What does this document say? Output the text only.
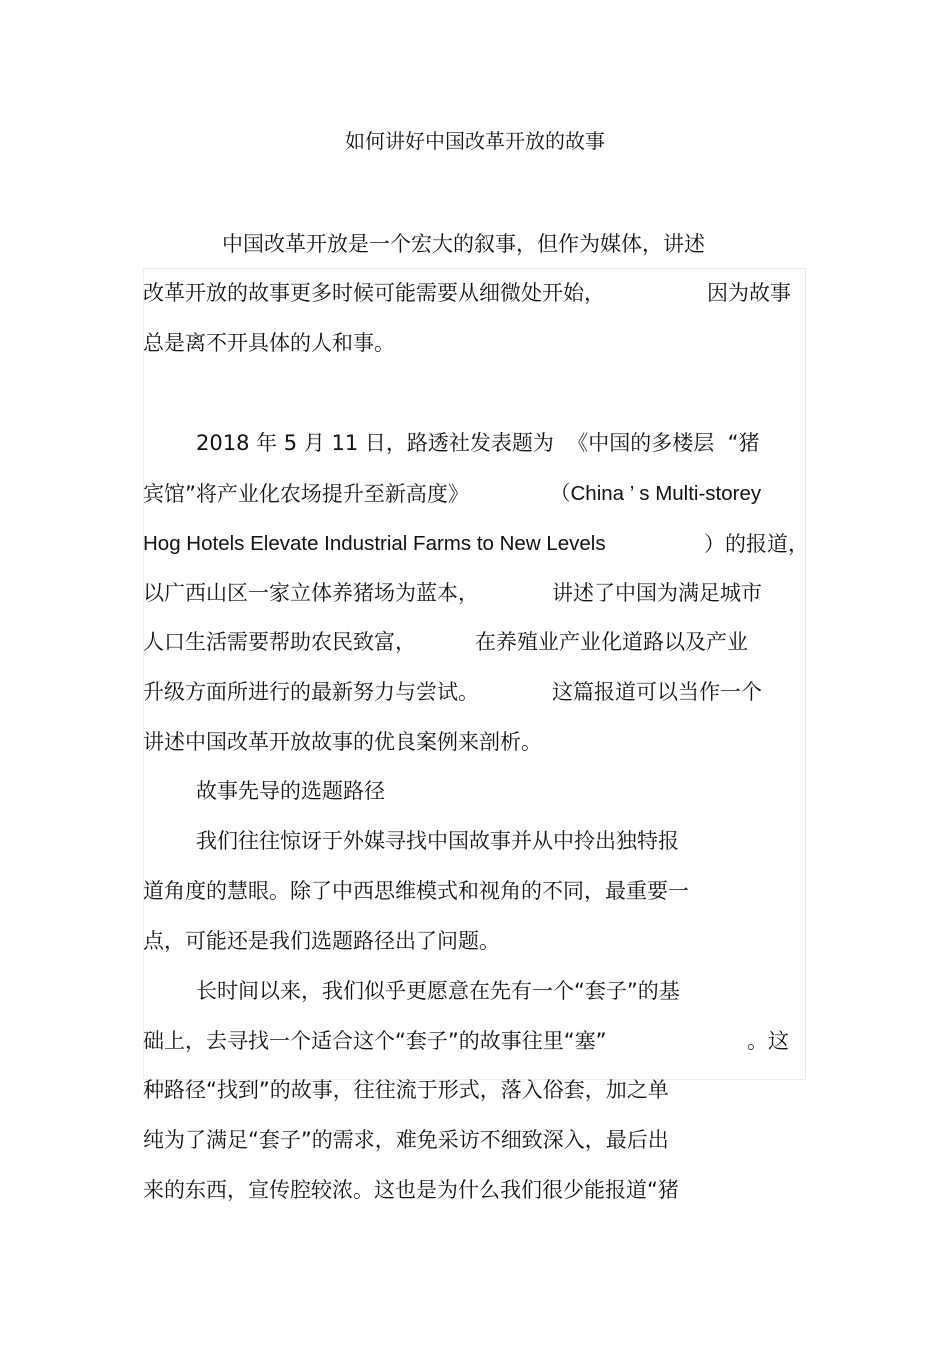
如何讲好中国改革开放的故事
中国改革开放是一个宏大的叙事，但作为媒体，讲述
改革开放的故事更多时候可能需要从细微处开始，	因为故事
总是离不开具体的人和事。
2018 年 5 月 11 日，路透社发表题为  《中国的多楼层  “猪
宾馆”将产业化农场提升至新高度》	（China ’ s Multi-storey
Hog Hotels Elevate Industrial Farms to New Levels	）的报道，
以广西山区一家立体养猪场为蓝本，	讲述了中国为满足城市
人口生活需要帮助农民致富，	在养殖业产业化道路以及产业
升级方面所进行的最新努力与尝试。	这篇报道可以当作一个
讲述中国改革开放故事的优良案例来剖析。
故事先导的选题路径
我们往往惊讶于外媒寻找中国故事并从中拎出独特报
道角度的慧眼。除了中西思维模式和视角的不同，最重要一
点，可能还是我们选题路径出了问题。
长时间以来，我们似乎更愿意在先有一个“套子”的基
础上，去寻找一个适合这个“套子”的故事往里“塞”	。这
种路径“找到”的故事，往往流于形式，落入俗套，加之单
纯为了满足“套子”的需求，难免采访不细致深入，最后出
来的东西，宣传腔较浓。这也是为什么我们很少能报道“猪
